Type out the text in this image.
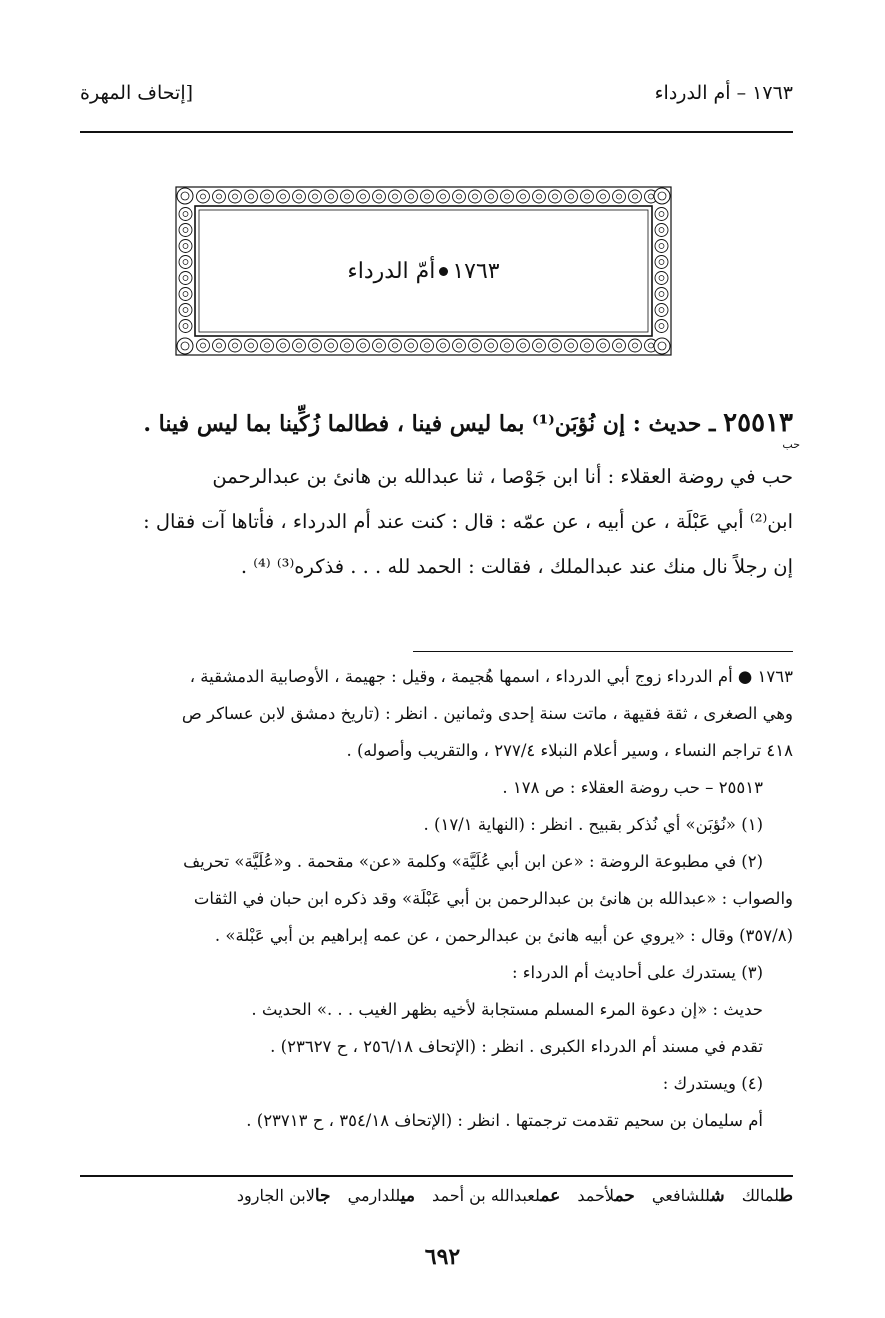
١٧٦٣ – أم الدرداء
[إتحاف المهرة
١٧٦٣
أمّ الدرداء
٢٥٥١٣ ـ حديث : إن نُؤبَن⁽¹⁾ بما ليس فينا ، فطالما زُكِّينا بما ليس فينا .
حب
حب في روضة العقلاء : أنا ابن جَوْصا ، ثنا عبدالله بن هانئ بن عبدالرحمن
ابن⁽²⁾ أبي عَبْلَة ، عن أبيه ، عن عمّه : قال : كنت عند أم الدرداء ، فأتاها آت فقال :
إن رجلاً نال منك عند عبدالملك ، فقالت : الحمد لله . . . فذكره⁽³⁾ ⁽⁴⁾ .
١٧٦٣ ● أم الدرداء زوج أبي الدرداء ، اسمها هُجيمة ، وقيل : جهيمة ، الأوصابية الدمشقية ،
وهي الصغرى ، ثقة فقيهة ، ماتت سنة إحدى وثمانين . انظر : (تاريخ دمشق لابن عساكر ص
٤١٨ تراجم النساء ، وسير أعلام النبلاء ٢٧٧/٤ ، والتقريب وأصوله) .
٢٥٥١٣ – حب روضة العقلاء : ص ١٧٨ .
(١) «نُؤبَن» أي نُذكر بقبيح . انظر : (النهاية ١٧/١) .
(٢) في مطبوعة الروضة : «عن ابن أبي عُلَيَّة» وكلمة «عن» مقحمة . و«عُلَيَّة» تحريف
والصواب : «عبدالله بن هانئ بن عبدالرحمن بن أبي عَبْلَة» وقد ذكره ابن حبان في الثقات
(٣٥٧/٨) وقال : «يروي عن أبيه هانئ بن عبدالرحمن ، عن عمه إبراهيم بن أبي عَبْلة» .
(٣) يستدرك على أحاديث أم الدرداء :
حديث : «إن دعوة المرء المسلم مستجابة لأخيه بظهر الغيب . . .» الحديث .
تقدم في مسند أم الدرداء الكبرى . انظر : (الإتحاف ٢٥٦/١٨ ، ح ٢٣٦٢٧) .
(٤) ويستدرك :
أم سليمان بن سحيم تقدمت ترجمتها . انظر : (الإتحاف ٣٥٤/١٨ ، ح ٢٣٧١٣) .
طلمالك شللشافعي حملأحمد عملعبدالله بن أحمد ميللدارمي جالابن الجارود
٦٩٢
